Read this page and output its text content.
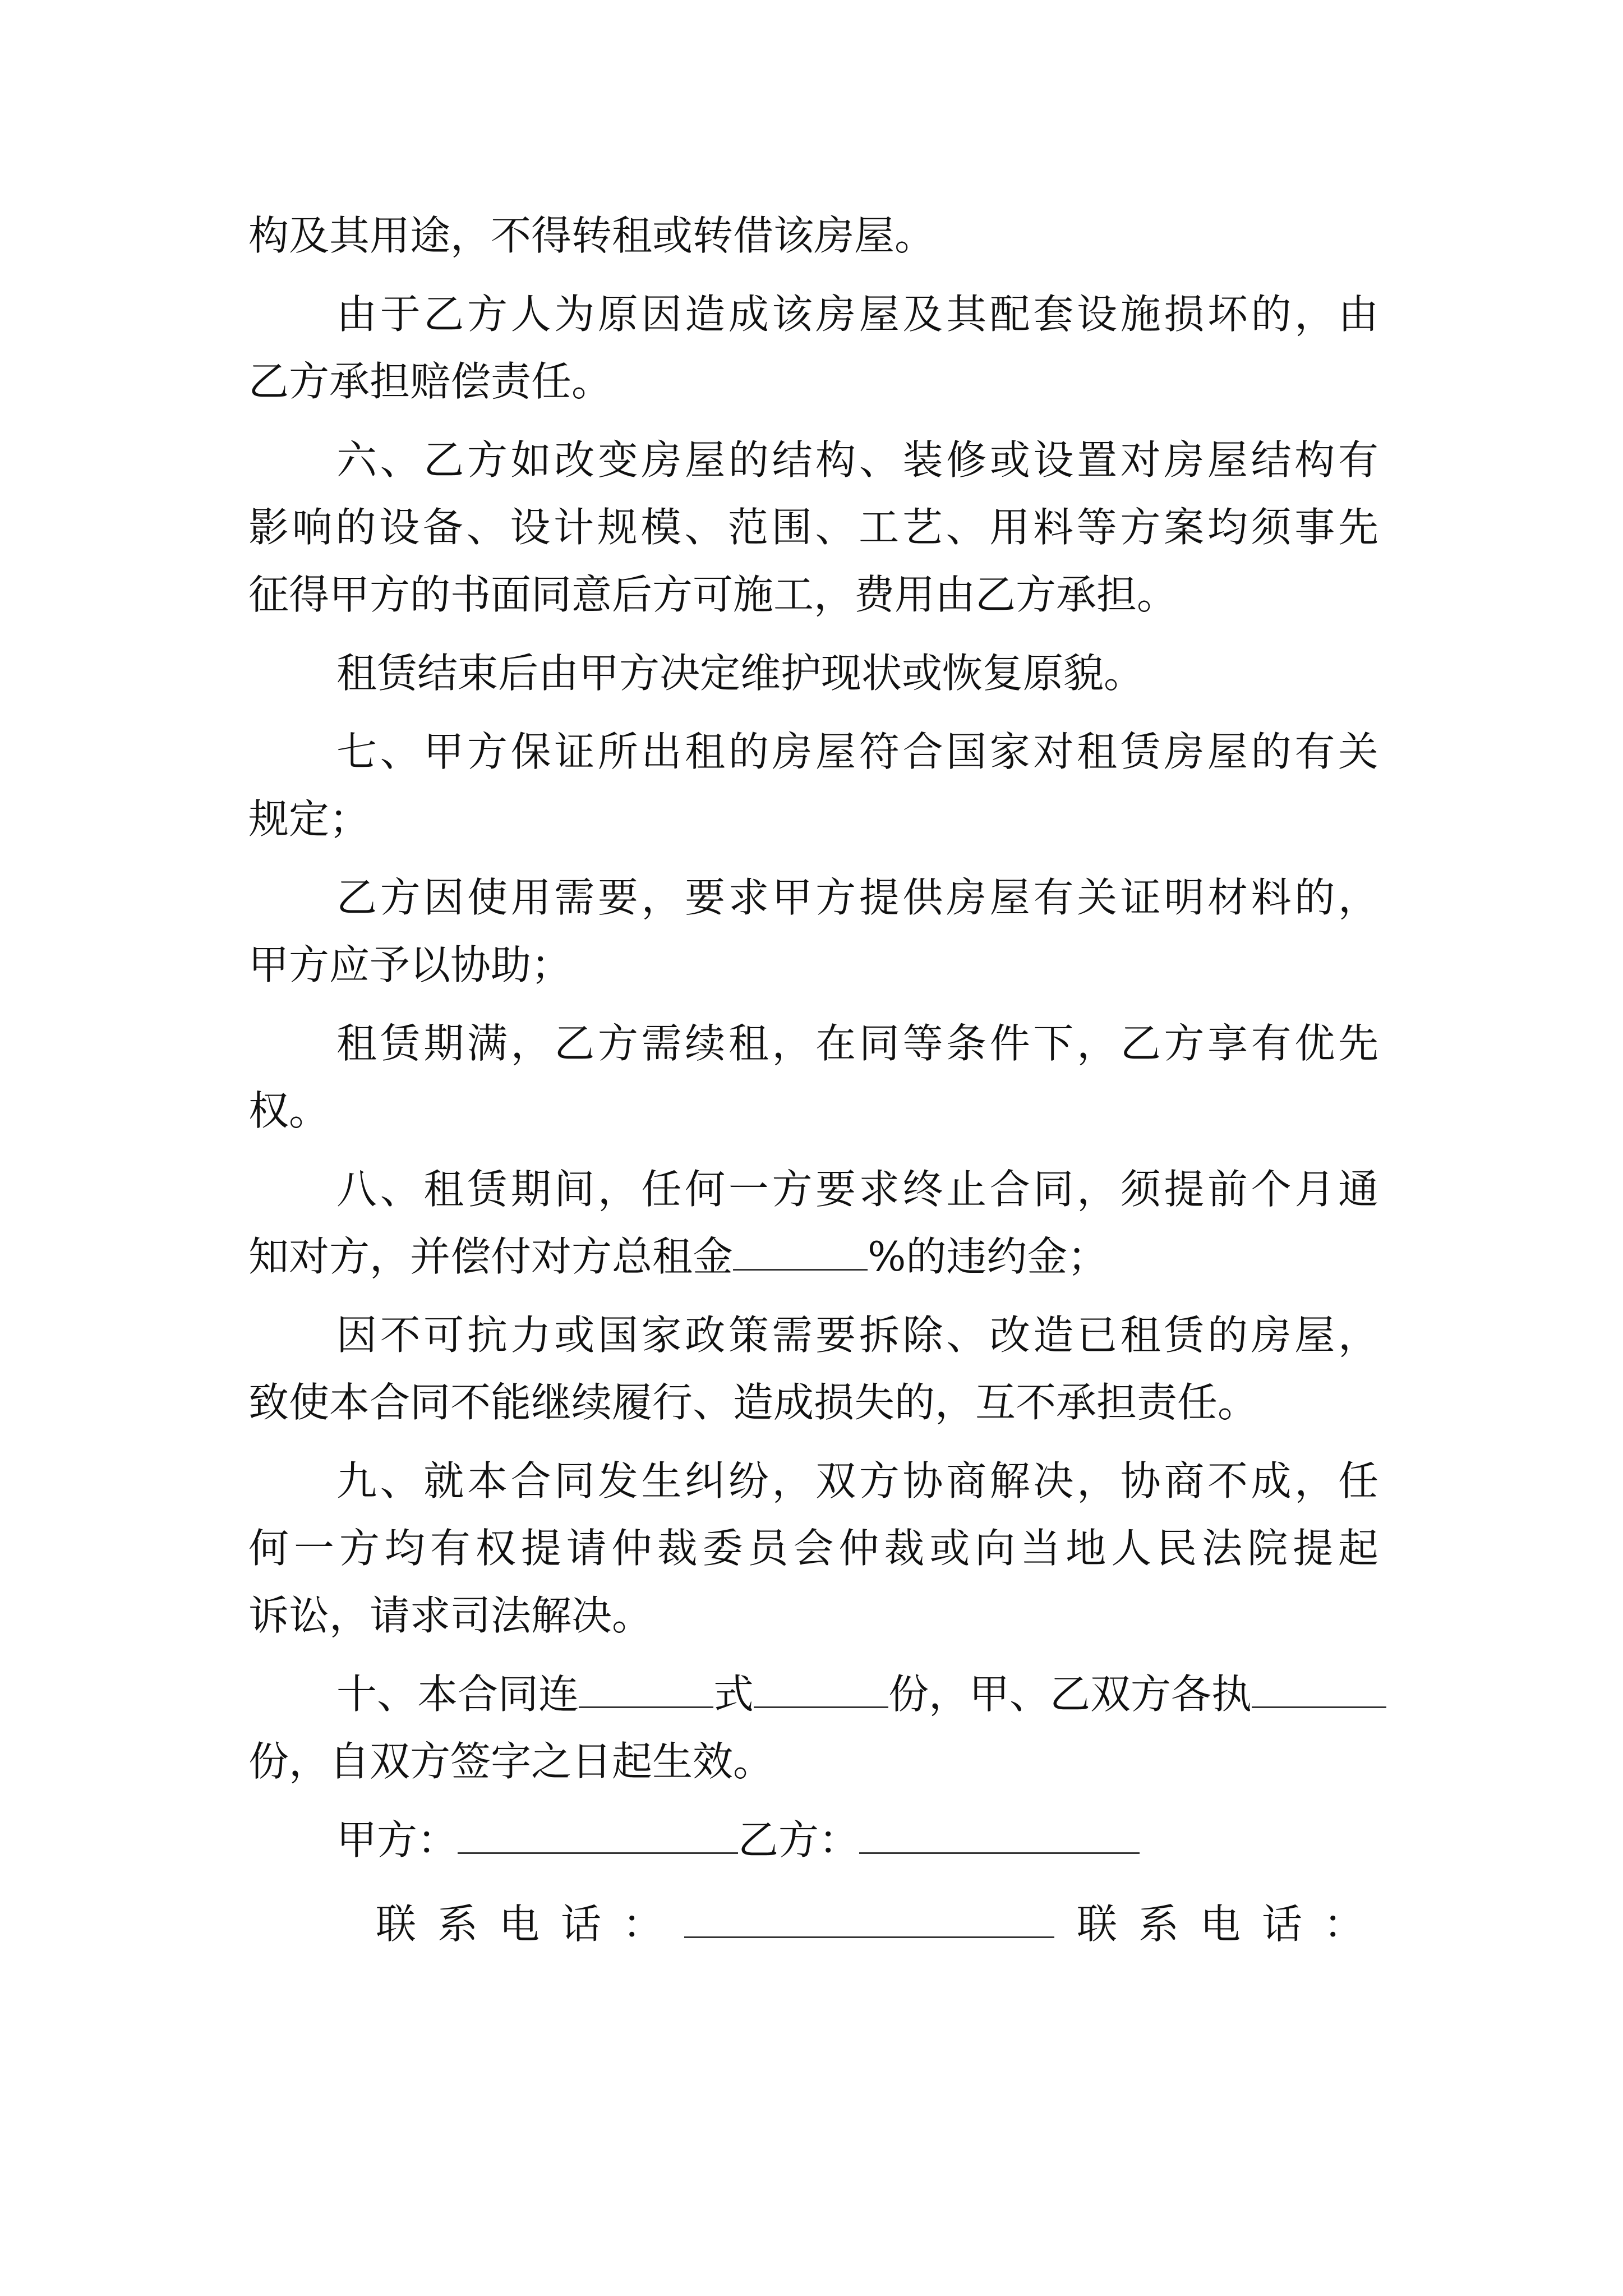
构及其用途，不得转租或转借该房屋。
由于乙方人为原因造成该房屋及其配套设施损坏的，由
乙方承担赔偿责任。
六、乙方如改变房屋的结构、装修或设置对房屋结构有
影响的设备、设计规模、范围、工艺、用料等方案均须事先
征得甲方的书面同意后方可施工，费用由乙方承担。
租赁结束后由甲方决定维护现状或恢复原貌。
七、甲方保证所出租的房屋符合国家对租赁房屋的有关
规定；
乙方因使用需要，要求甲方提供房屋有关证明材料的，
甲方应予以协助；
租赁期满，乙方需续租，在同等条件下，乙方享有优先
权。
八、租赁期间，任何一方要求终止合同，须提前个月通
知对方，并偿付对方总租金	%的违约金；
因不可抗力或国家政策需要拆除、改造已租赁的房屋，
致使本合同不能继续履行、造成损失的，互不承担责任。
九、就本合同发生纠纷，双方协商解决，协商不成，任
何一方均有权提请仲裁委员会仲裁或向当地人民法院提起
诉讼，请求司法解决。
十、本合同连	式	份，甲、乙双方各执
份，自双方签字之日起生效。
甲方：	乙方：
联系电话：	联系电话：
